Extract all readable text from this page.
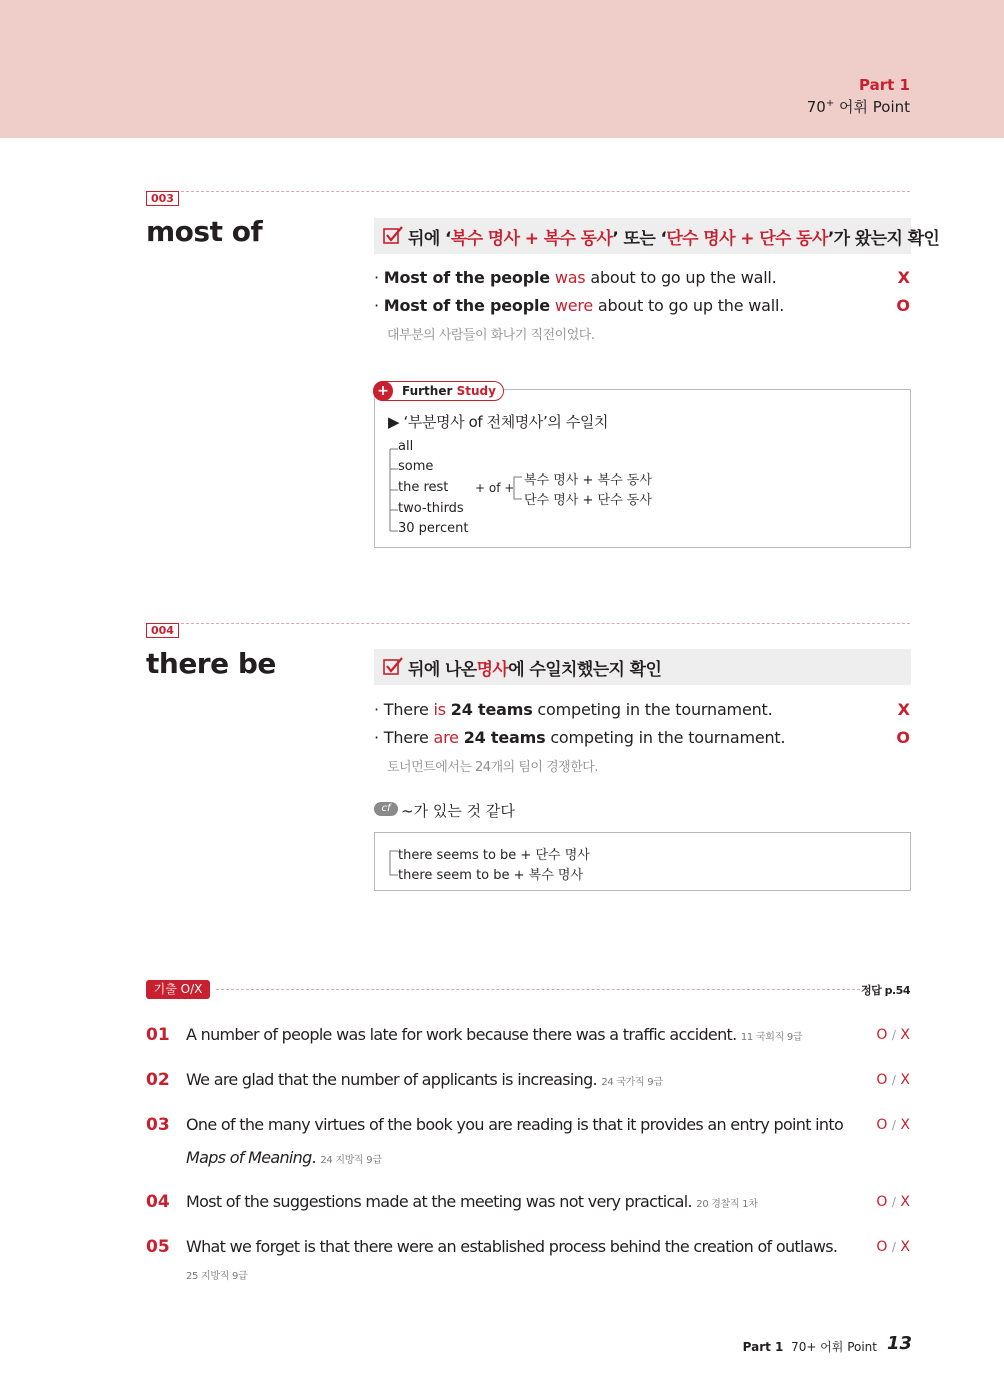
Part 1
70+ 어휘 Point
003
most of	뒤에 ‘ 복수 명사 + 복수 동사 ’ 또는 ‘ 단수 명사 + 단수 동사 ’가 왔는지 확인
· Most of the people was about to go up the wall.	X
· Most of the people were about to go up the wall.	O
대부분의 사람들이 화나기 직전이었다.
Further
Study
+
▶ ‘부분명사 of 전체명사’의 수일치
all
some
the rest
two-thirds
30 percent
+ of + 복수 명사 + 복수 동사
단수 명사 + 단수 동사
004
there be	뒤에 나온 명사 에 수일치했는지 확인
· There is 24 teams competing in the tournament.	X
· There are 24 teams competing in the tournament.	O
토너먼트에서는 24개의 팀이 경쟁한다.
cf ~가 있는 것 같다
there seems to be + 단수 명사
there seem to be + 복수 명사
기출 O/X	정답 p.54
01 A number of people was late for work because there was a traffic accident. 11 국회직 9급	O / X
02 We are glad that the number of applicants is increasing. 24 국가직 9급	O / X
03 One of the many virtues of the book you are reading is that it provides an entry point into
Maps of Meaning. 24 지방직 9급
O / X
04 Most of the suggestions made at the meeting was not very practical. 20 경찰직 1차	O / X
05 What we forget is that there were an established process behind the creation of outlaws.
25 지방직 9급
O / X
Part 1 70+ 어휘 Point 13
